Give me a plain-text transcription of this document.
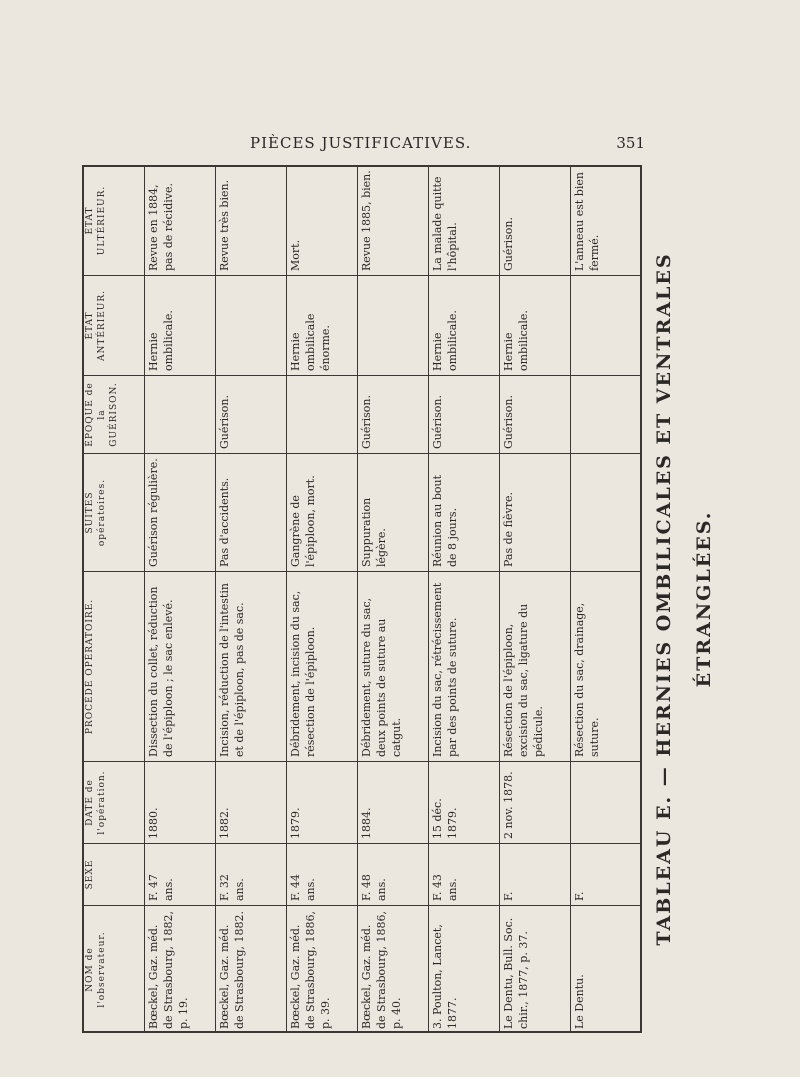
PIÈCES JUSTIFICATIVES.	351
NOM de l'observateur.
SEXE
DATE de l'opération.
PROCÉDÉ OPÉRATOIRE.
SUITES opératoires.
ÉPOQUE de la GUÉRISON.
ÉTAT ANTÉRIEUR.
ÉTAT ULTÉRIEUR.
Bœckel, Gaz. méd. de Strasbourg, 1882, p. 19.
F. 47 ans.
1880.
Dissection du collet, réduction de l'épiploon ; le sac enlevé.
Guérison régulière.
Hernie ombilicale.
Revue en 1884, pas de récidive.
Bœckel, Gaz. méd. de Strasbourg, 1882.
F. 32 ans.
1882.
Incision, réduction de l'intestin et de l'épiploon, pas de sac.
Pas d'accidents.
Guérison.
Revue très bien.
Bœckel, Gaz. méd. de Strasbourg, 1886, p. 39.
F. 44 ans.
1879.
Débridement, incision du sac, résection de l'épiploon.
Gangrène de l'épiploon, mort.
Hernie ombilicale énorme.
Mort.
Bœckel, Gaz. méd. de Strasbourg, 1886, p. 40.
F. 48 ans.
1884.
Débridement, suture du sac, deux points de suture au catgut.
Suppuration légère.
Guérison.
Revue 1885, bien.
3. Poulton, Lancet, 1877.
F. 43 ans.
15 déc. 1879.
Incision du sac, rétrécissement par des points de suture.
Réunion au bout de 8 jours.
Guérison.
Hernie ombilicale.
La malade quitte l'hôpital.
Le Dentu, Bull. Soc. chir., 1877, p. 37.
F.
2 nov. 1878.
Résection de l'épiploon, excision du sac, ligature du pédicule.
Pas de fièvre.
Guérison.
Hernie ombilicale.
Guérison.
Le Dentu.
F.
Résection du sac, drainage, suture.
L'anneau est bien fermé.	TABLEAU E. — HERNIES OMBILICALES ET VENTRALES ÉTRANGLÉES.
